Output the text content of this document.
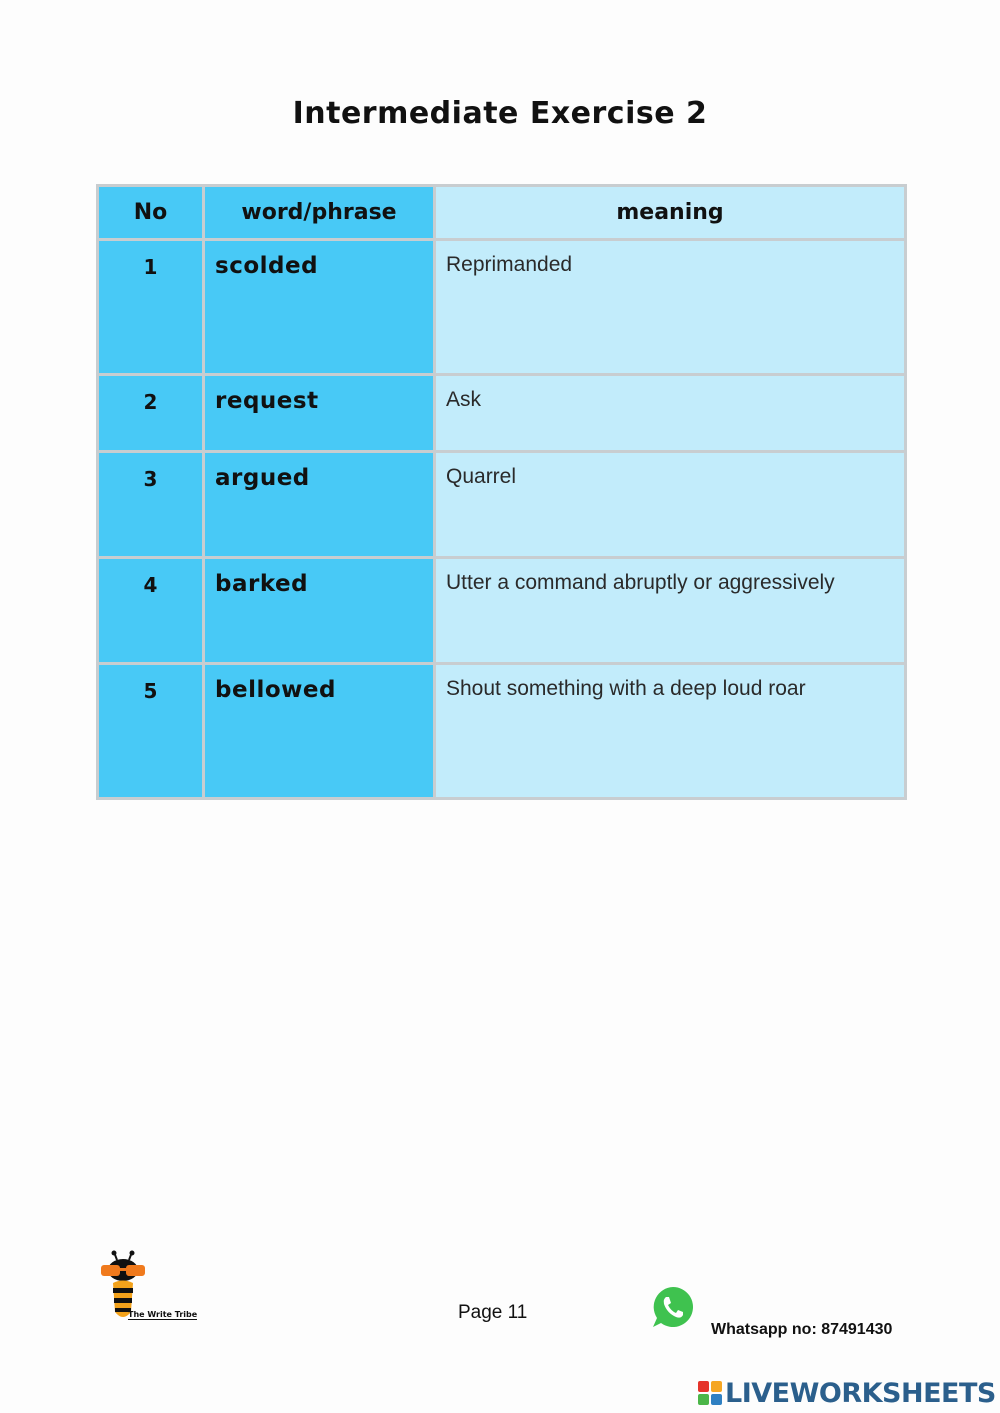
Intermediate Exercise 2
No	word/phrase	meaning
1	scolded	Reprimanded
2	request	Ask
3	argued	Quarrel
4	barked	Utter a command abruptly or aggressively
5	bellowed	Shout something with a deep loud roar
The Write Tribe	Page 11
Whatsapp no: 87491430
LIVEWORKSHEETS
